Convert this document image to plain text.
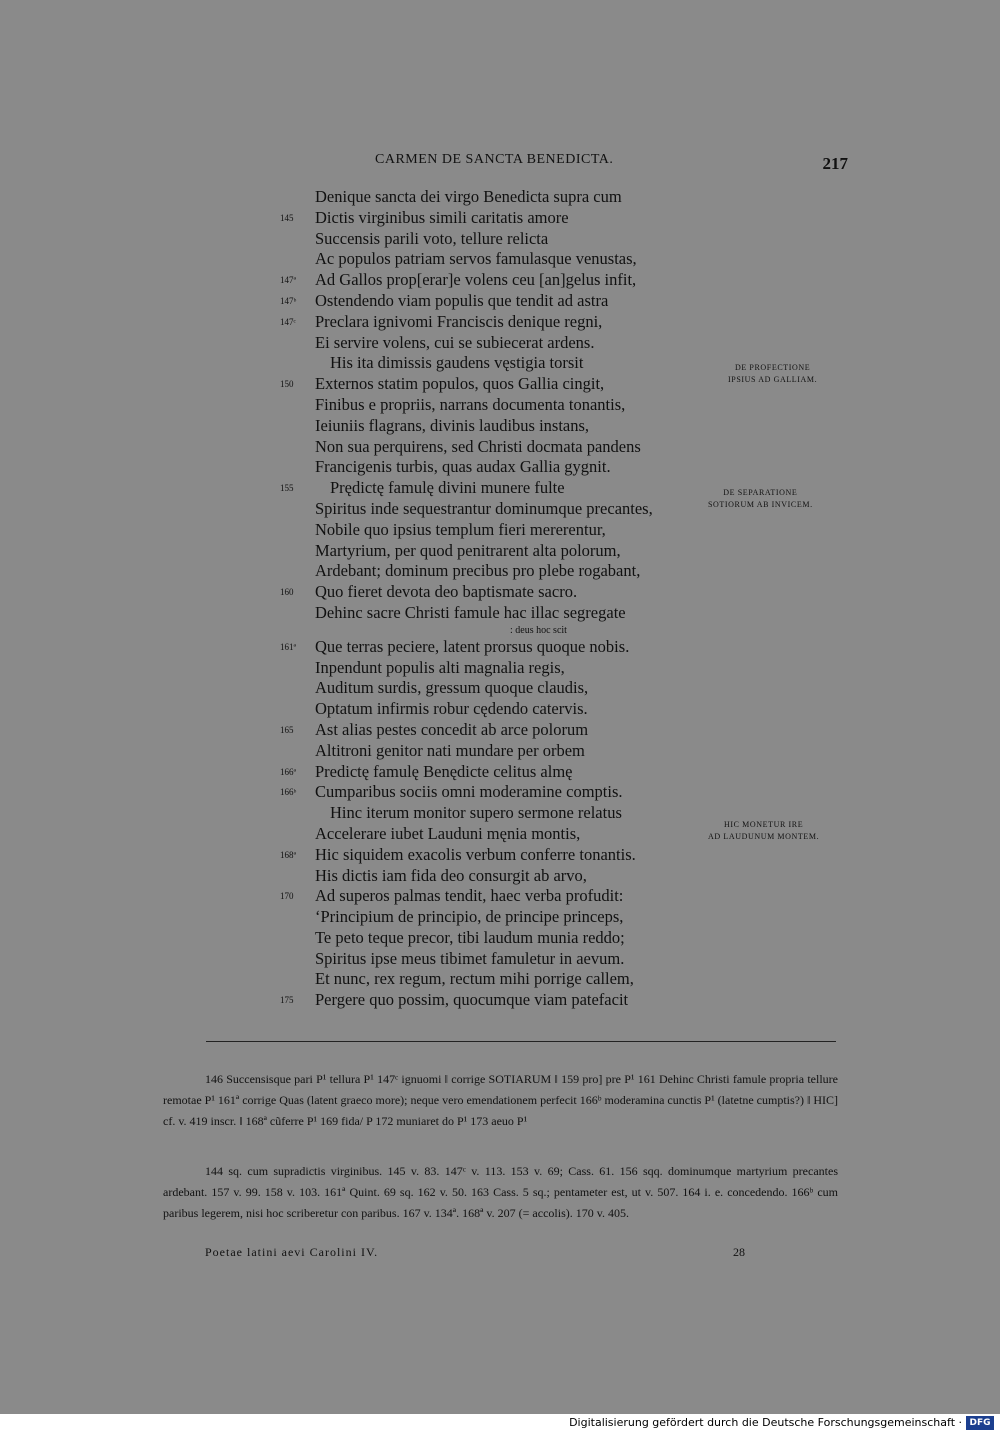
CARMEN DE SANCTA BENEDICTA.	217
Denique sancta dei virgo Benedicta supra cum
145	Dictis virginibus simili caritatis amore
Succensis parili voto, tellure relicta
Ac populos patriam servos famulasque venustas,
147ª	Ad Gallos prop[erar]e volens ceu [an]gelus infit,
147ᵇ	Ostendendo viam populis que tendit ad astra
147ᶜ	Preclara ignivomi Franciscis denique regni,
Ei servire volens, cui se subiecerat ardens.
His ita dimissis gaudens vęstigia torsit
150	Externos statim populos, quos Gallia cingit,
Finibus e propriis, narrans documenta tonantis,
Ieiuniis flagrans, divinis laudibus instans,
Non sua perquirens, sed Christi docmata pandens
Francigenis turbis, quas audax Gallia gygnit.
155	Prędictę famulę divini munere fulte
Spiritus inde sequestrantur dominumque precantes,
Nobile quo ipsius templum fieri mererentur,
Martyrium, per quod penitrarent alta polorum,
Ardebant; dominum precibus pro plebe rogabant,
160	Quo fieret devota deo baptismate sacro.
Dehinc sacre Christi famule hac illac segregate
: deus hoc scit
161ª	Que terras peciere, latent prorsus quoque nobis.
Inpendunt populis alti magnalia regis,
Auditum surdis, gressum quoque claudis,
Optatum infirmis robur cędendo catervis.
165	Ast alias pestes concedit ab arce polorum
Altitroni genitor nati mundare per orbem
166ª	Predictę famulę Benędicte celitus almę
166ᵇ	Cumparibus sociis omni moderamine comptis.
Hinc iterum monitor supero sermone relatus
Accelerare iubet Lauduni męnia montis,
168ª	Hic siquidem exacolis verbum conferre tonantis.
His dictis iam fida deo consurgit ab arvo,
170	Ad superos palmas tendit, haec verba profudit:
‘Principium de principio, de principe princeps,
Te peto teque precor, tibi laudum munia reddo;
Spiritus ipse meus tibimet famuletur in aevum.
Et nunc, rex regum, rectum mihi porrige callem,
175	Pergere quo possim, quocumque viam patefacit
DE PROFECTIONE
IPSIUS AD GALLIAM.
DE SEPARATIONE
SOTIORUM AB INVICEM.
HIC MONETUR IRE
AD LAUDUNUM MONTEM.

146 Succensisque pari P¹ tellura P¹ 147ᶜ ignuomi ‖ corrige SOTIARUM ‖ 159 pro] pre P¹ 161 Dehinc Christi famule propria tellure remotae P¹ 161ª corrige Quas (latent graeco more); neque vero emendationem perfecit 166ᵇ moderamina cunctis P¹ (latetne cumptis?) ‖ HIC] cf. v. 419 inscr. ‖ 168ª cũferre P¹ 169 fida/ P 172 muniaret do P¹ 173 aeuo P¹

144 sq. cum supradictis virginibus. 145 v. 83. 147ᶜ v. 113. 153 v. 69; Cass. 61. 156 sqq. dominumque martyrium precantes ardebant. 157 v. 99. 158 v. 103. 161ª Quint. 69 sq. 162 v. 50. 163 Cass. 5 sq.; pentameter est, ut v. 507. 164 i. e. concedendo. 166ᵇ cum paribus legerem, nisi hoc scriberetur con paribus. 167 v. 134ª. 168ª v. 207 (= accolis). 170 v. 405.

Poetae latini aevi Carolini IV.	28
Digitalisierung gefördert durch die Deutsche Forschungsgemeinschaft · DFG
